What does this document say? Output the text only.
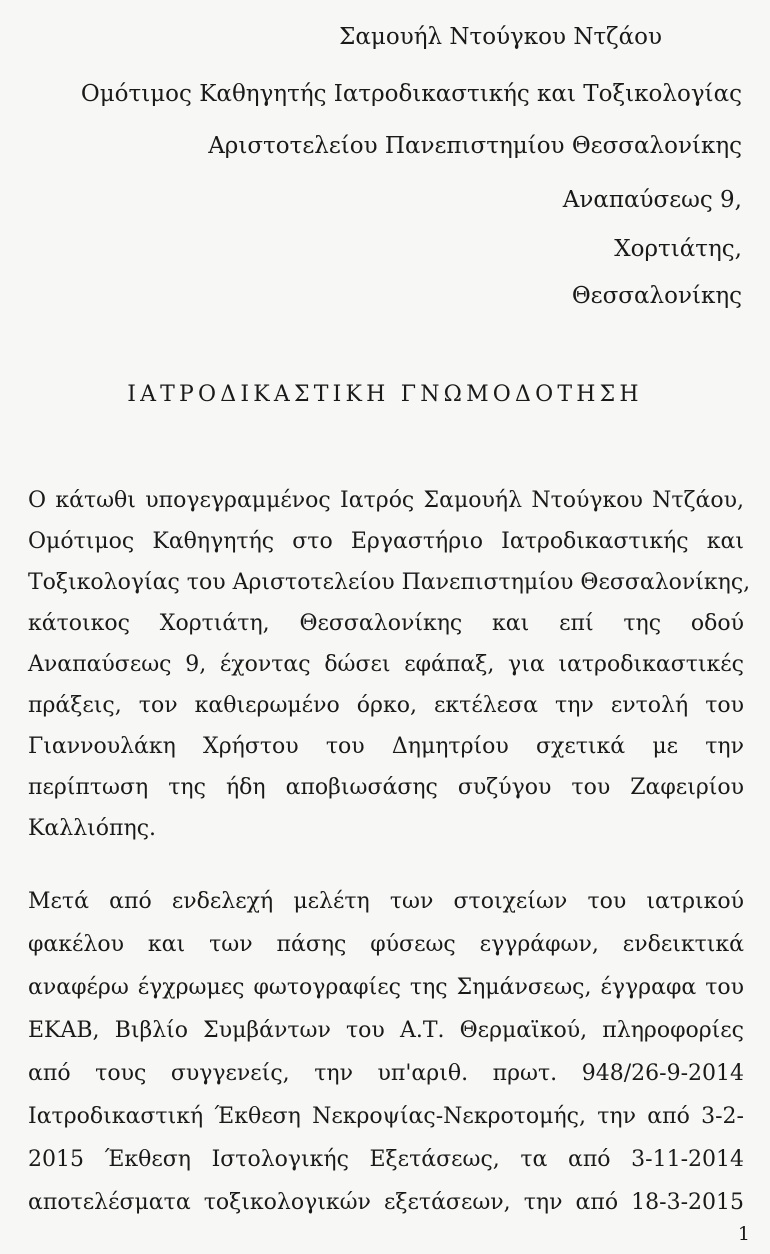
Σαμουήλ Ντούγκου Ντζάου
Ομότιμος Καθηγητής Ιατροδικαστικής και Τοξικολογίας
Αριστοτελείου Πανεπιστημίου Θεσσαλονίκης
Αναπαύσεως 9,
Χορτιάτης,
Θεσσαλονίκης
ΙΑΤΡΟΔΙΚΑΣΤΙΚΗ ΓΝΩΜΟΔΟΤΗΣΗ
Ο κάτωθι υπογεγραμμένος Ιατρός Σαμουήλ Ντούγκου Ντζάου,
Ομότιμος Καθηγητής στο Εργαστήριο Ιατροδικαστικής και
Τοξικολογίας του Αριστοτελείου Πανεπιστημίου Θεσσαλονίκης,
κάτοικος Χορτιάτη, Θεσσαλονίκης και επί της οδού
Αναπαύσεως 9, έχοντας δώσει εφάπαξ, για ιατροδικαστικές
πράξεις, τον καθιερωμένο όρκο, εκτέλεσα την εντολή του
Γιαννουλάκη Χρήστου του Δημητρίου σχετικά με την
περίπτωση της ήδη αποβιωσάσης συζύγου του Ζαφειρίου
Καλλιόπης.
Μετά από ενδελεχή μελέτη των στοιχείων του ιατρικού
φακέλου και των πάσης φύσεως εγγράφων, ενδεικτικά
αναφέρω έγχρωμες φωτογραφίες της Σημάνσεως, έγγραφα του
ΕΚΑΒ, Βιβλίο Συμβάντων του Α.Τ. Θερμαϊκού, πληροφορίες
από τους συγγενείς, την υπ'αριθ. πρωτ. 948/26-9-2014
Ιατροδικαστική Έκθεση Νεκροψίας-Νεκροτομής, την από 3-2-
2015 Έκθεση Ιστολογικής Εξετάσεως, τα από 3-11-2014
αποτελέσματα τοξικολογικών εξετάσεων, την από 18-3-2015
1
